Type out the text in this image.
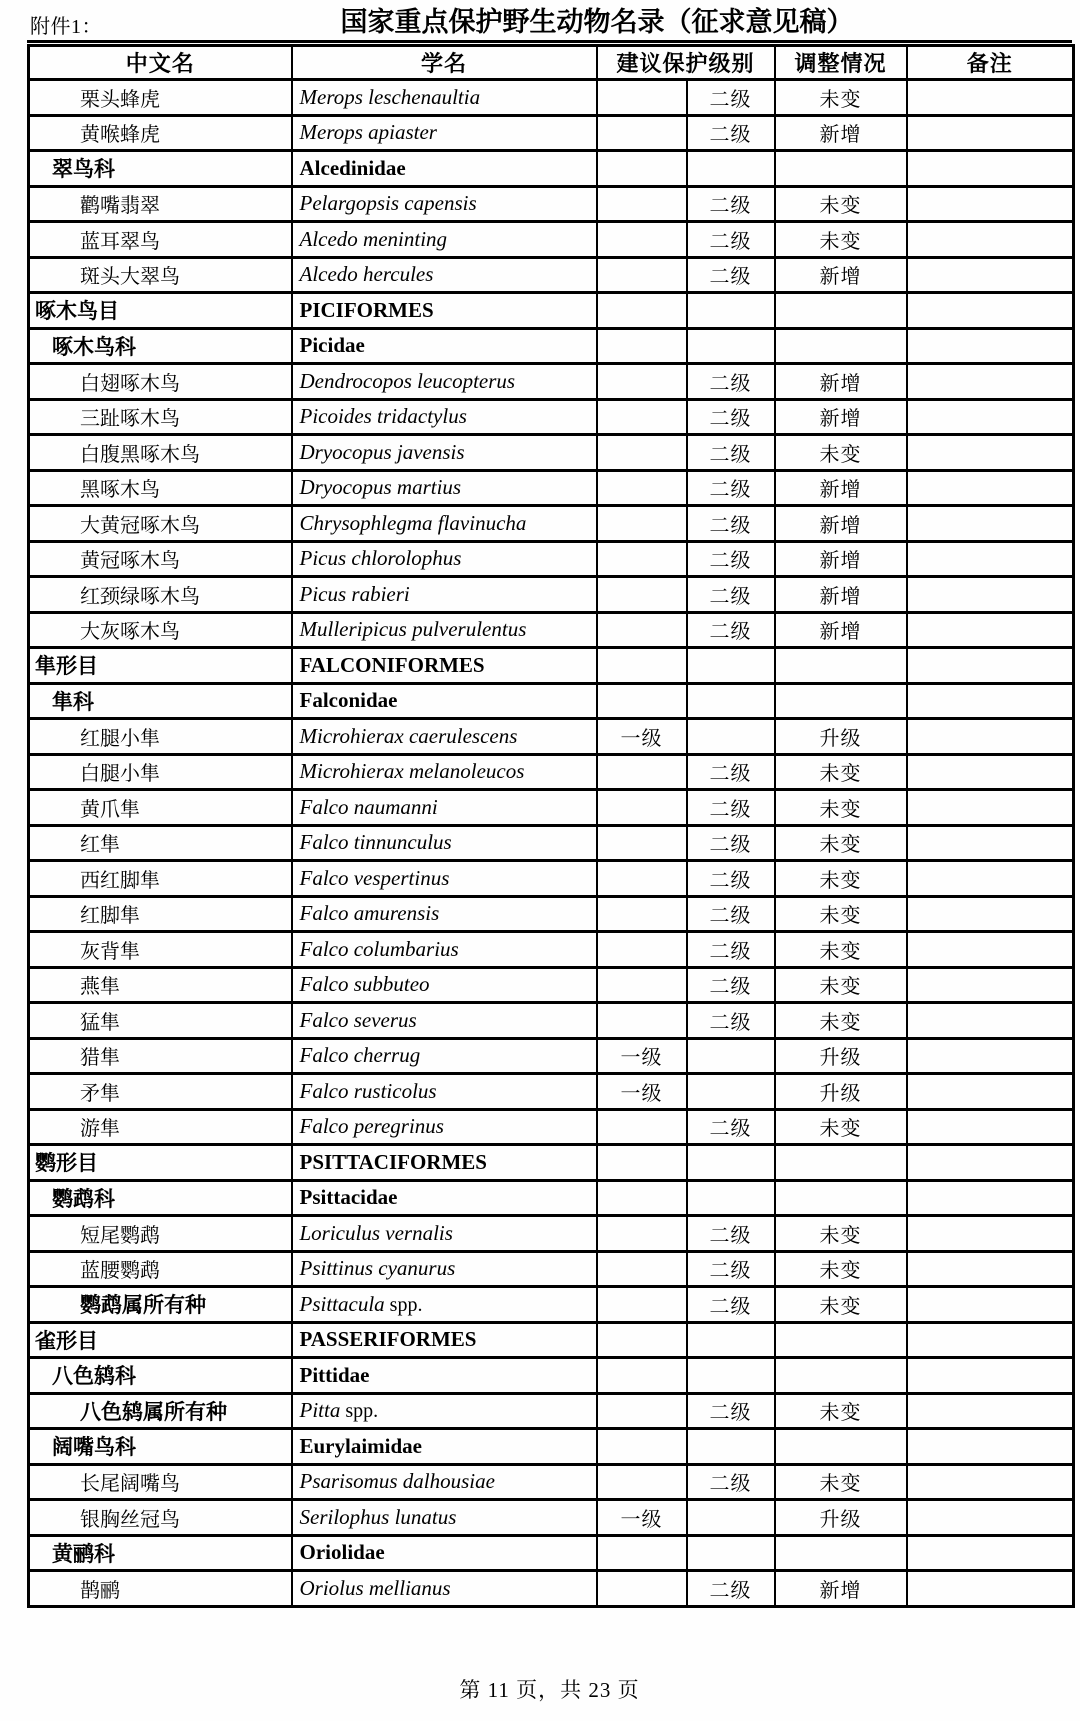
附件1：	国家重点保护野生动物名录（征求意见稿）
中文名	学名	建议保护级别		调整情况	备注
栗头蜂虎	Merops leschenaultia		二级	未变	
黄喉蜂虎	Merops apiaster		二级	新增	
翠鸟科	Alcedinidae				
鹳嘴翡翠	Pelargopsis capensis		二级	未变	
蓝耳翠鸟	Alcedo meninting		二级	未变	
斑头大翠鸟	Alcedo hercules		二级	新增	
啄木鸟目	PICIFORMES				
啄木鸟科	Picidae				
白翅啄木鸟	Dendrocopos leucopterus		二级	新增	
三趾啄木鸟	Picoides tridactylus		二级	新增	
白腹黑啄木鸟	Dryocopus javensis		二级	未变	
黑啄木鸟	Dryocopus martius		二级	新增	
大黄冠啄木鸟	Chrysophlegma flavinucha		二级	新增	
黄冠啄木鸟	Picus chlorolophus		二级	新增	
红颈绿啄木鸟	Picus rabieri		二级	新增	
大灰啄木鸟	Mulleripicus pulverulentus		二级	新增	
隼形目	FALCONIFORMES				
隼科	Falconidae				
红腿小隼	Microhierax caerulescens	一级		升级	
白腿小隼	Microhierax melanoleucos		二级	未变	
黄爪隼	Falco naumanni		二级	未变	
红隼	Falco tinnunculus		二级	未变	
西红脚隼	Falco vespertinus		二级	未变	
红脚隼	Falco amurensis		二级	未变	
灰背隼	Falco columbarius		二级	未变	
燕隼	Falco subbuteo		二级	未变	
猛隼	Falco severus		二级	未变	
猎隼	Falco cherrug	一级		升级	
矛隼	Falco rusticolus	一级		升级	
游隼	Falco peregrinus		二级	未变	
鹦形目	PSITTACIFORMES				
鹦鹉科	Psittacidae				
短尾鹦鹉	Loriculus vernalis		二级	未变	
蓝腰鹦鹉	Psittinus cyanurus		二级	未变	
鹦鹉属所有种	Psittacula spp.		二级	未变	
雀形目	PASSERIFORMES				
八色鸫科	Pittidae				
八色鸫属所有种	Pitta spp.		二级	未变	
阔嘴鸟科	Eurylaimidae				
长尾阔嘴鸟	Psarisomus dalhousiae		二级	未变	
银胸丝冠鸟	Serilophus lunatus	一级		升级	
黄鹂科	Oriolidae				
鹊鹂	Oriolus mellianus		二级	新增	
第 11 页，共 23 页
